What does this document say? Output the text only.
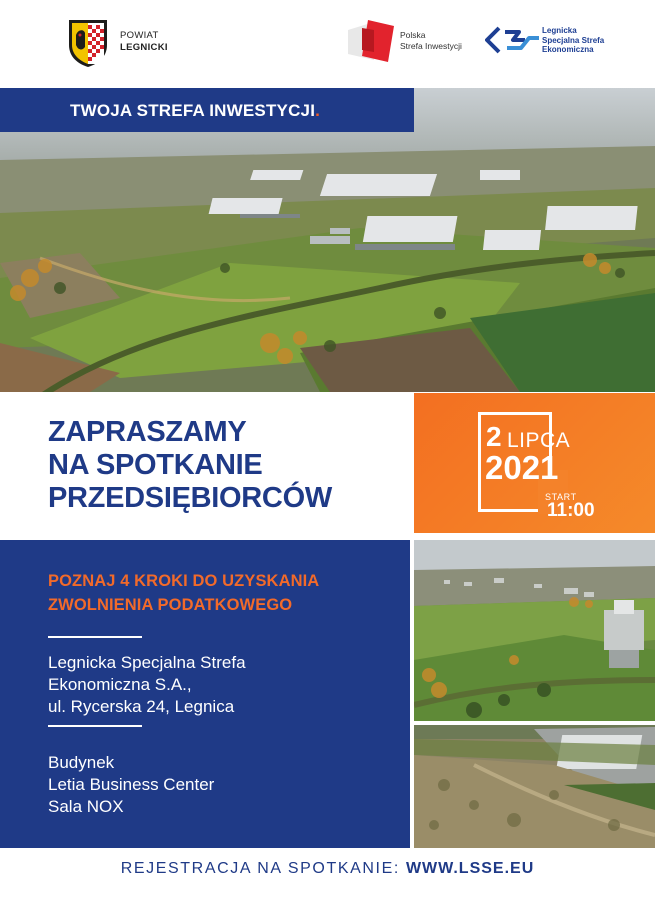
POWIAT
LEGNICKI
Polska
Strefa Inwestycji
Legnicka
Specjalna Strefa
Ekonomiczna
TWOJA STREFA INWESTYCJI.
ZAPRASZAMY
NA SPOTKANIE
PRZEDSIĘBIORCÓW
2 LIPCA
2021
START
11:00
POZNAJ 4 KROKI DO UZYSKANIA
ZWOLNIENIA PODATKOWEGO
Legnicka Specjalna Strefa
Ekonomiczna S.A.,
ul. Rycerska 24, Legnica
Budynek
Letia Business Center
Sala NOX
REJESTRACJA NA SPOTKANIE: WWW.LSSE.EU
